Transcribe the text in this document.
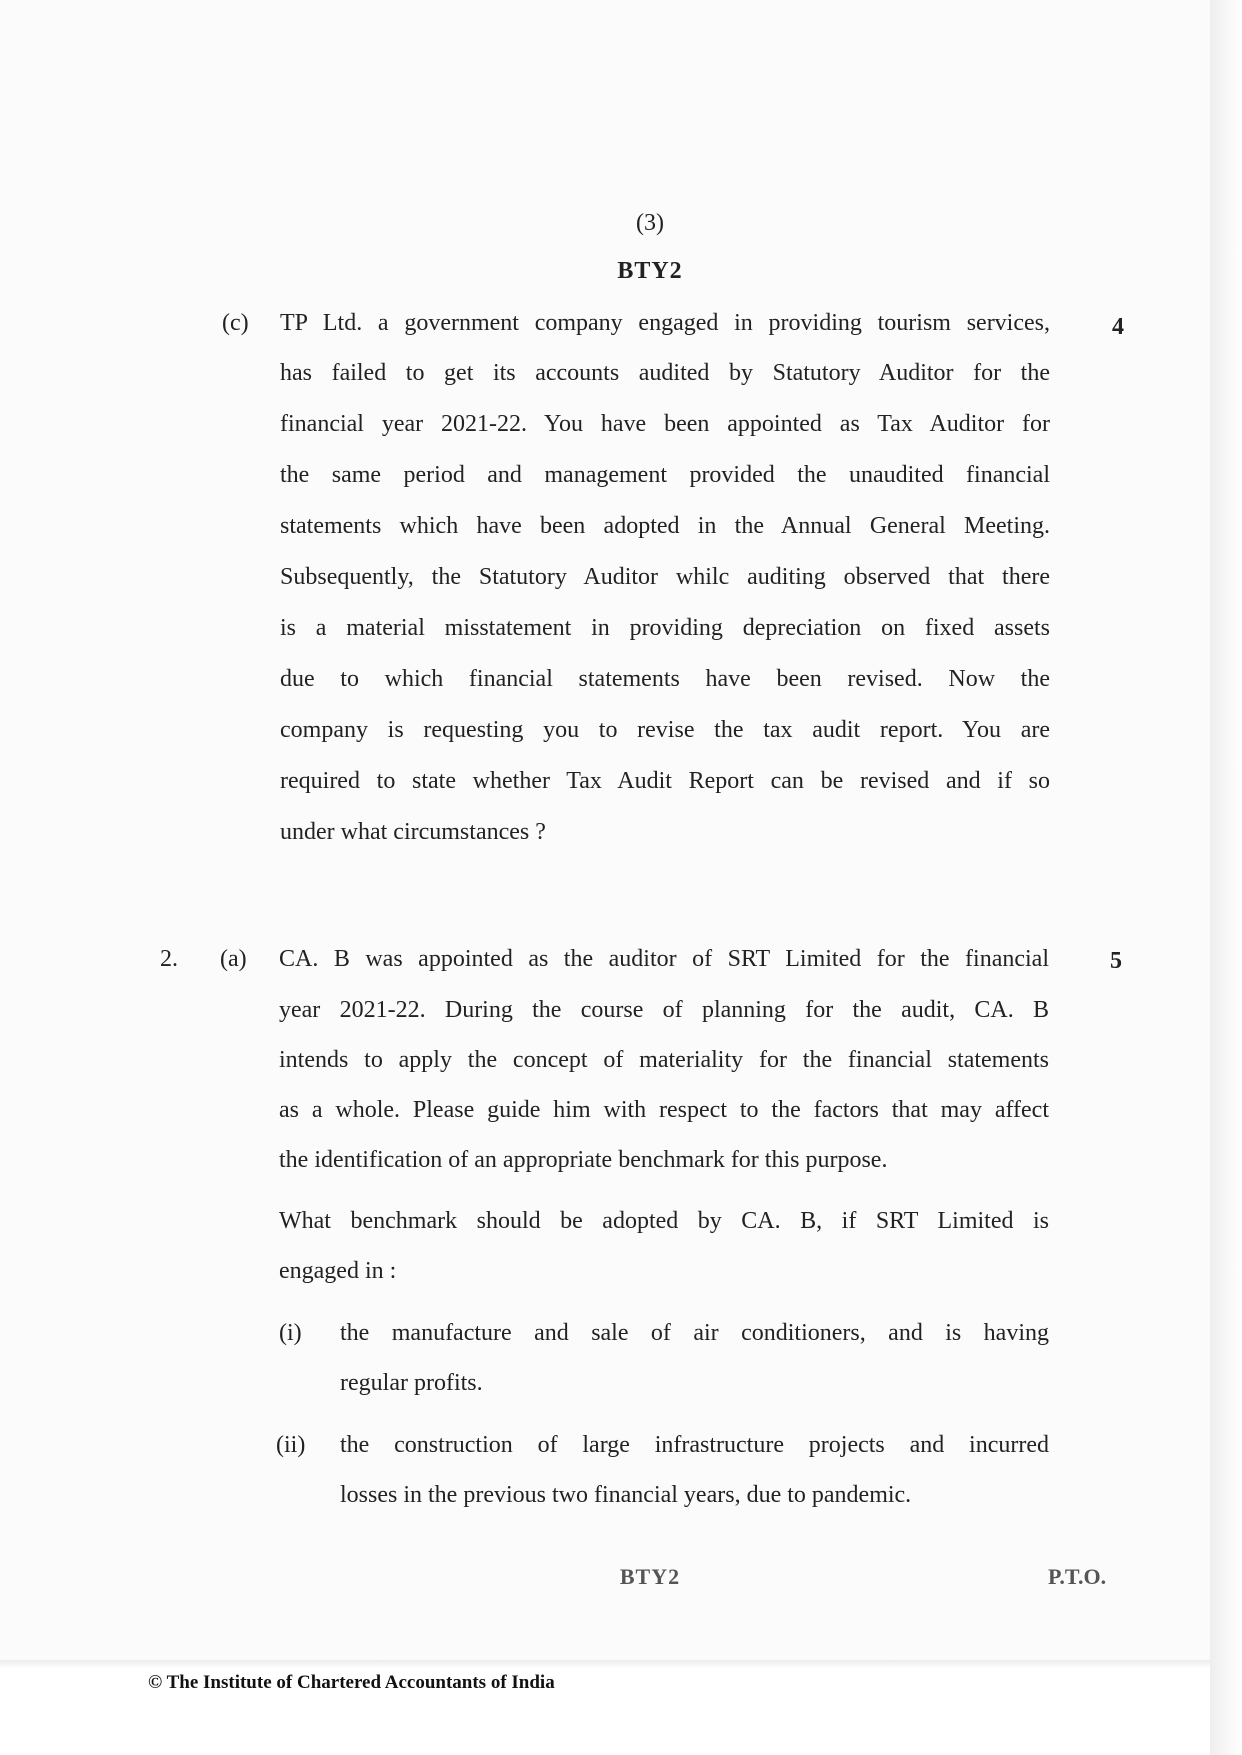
(3)
BTY2
(c)	4
TP Ltd. a government company engaged in providing tourism services,
has failed to get its accounts audited by Statutory Auditor for the
financial year 2021-22. You have been appointed as Tax Auditor for
the same period and management provided the unaudited financial
statements which have been adopted in the Annual General Meeting.
Subsequently, the Statutory Auditor whilc auditing observed that there
is a material misstatement in providing depreciation on fixed assets
due to which financial statements have been revised. Now the
company is requesting you to revise the tax audit report. You are
required to state whether Tax Audit Report can be revised and if so
under what circumstances ?
2. (a)	5
CA. B was appointed as the auditor of SRT Limited for the financial
year 2021-22. During the course of planning for the audit, CA. B
intends to apply the concept of materiality for the financial statements
as a whole. Please guide him with respect to the factors that may affect
the identification of an appropriate benchmark for this purpose.
What benchmark should be adopted by CA. B, if SRT Limited is
engaged in :
(i) the manufacture and sale of air conditioners, and is having
regular profits.
(ii) the construction of large infrastructure projects and incurred
losses in the previous two financial years, due to pandemic.
BTY2	P.T.O.
© The Institute of Chartered Accountants of India
